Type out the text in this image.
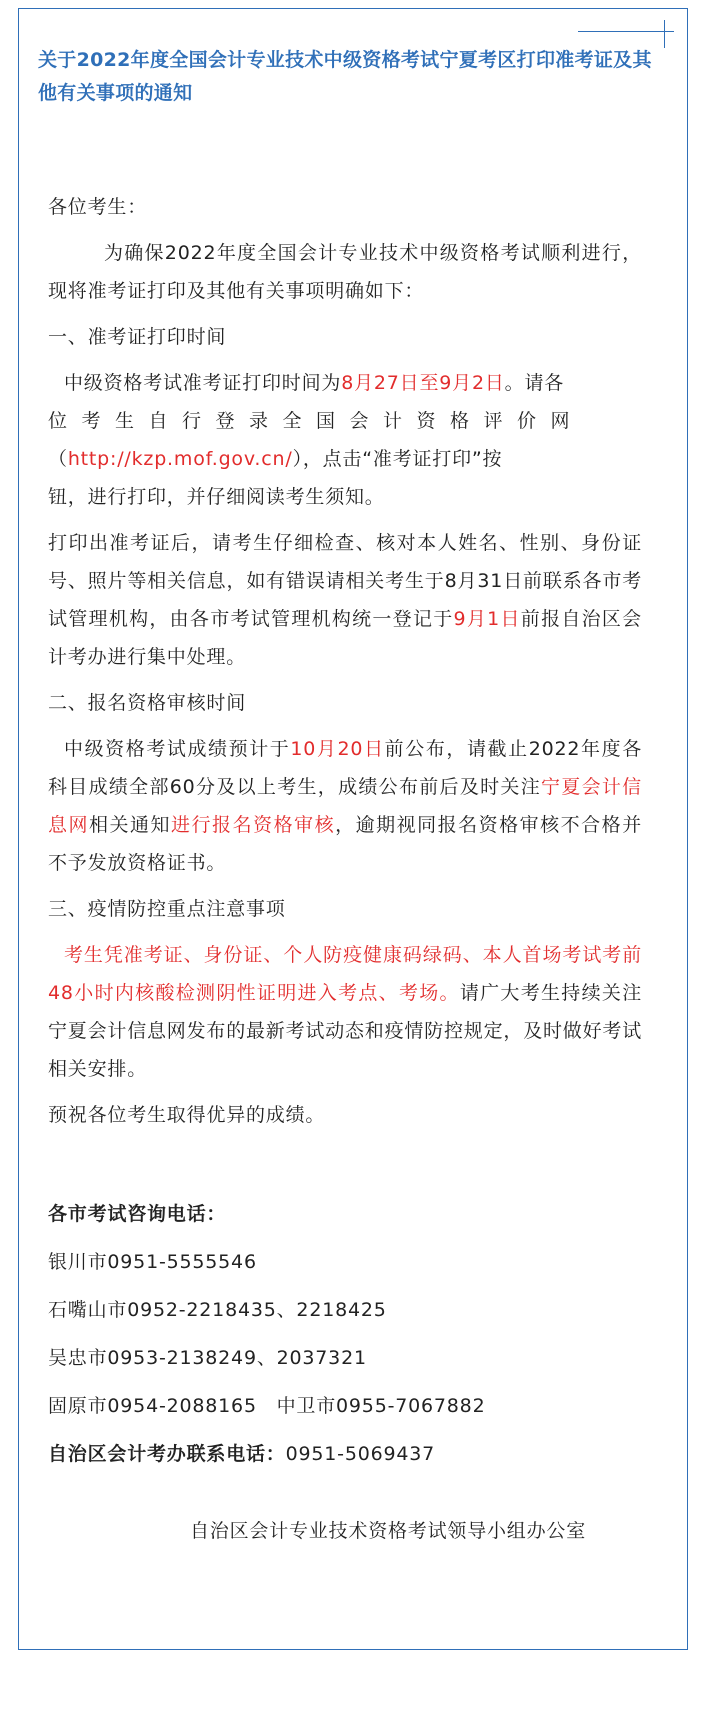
关于2022年度全国会计专业技术中级资格考试宁夏考区打印准考证及其他有关事项的通知

各位考生：

为确保2022年度全国会计专业技术中级资格考试顺利进行，现将准考证打印及其他有关事项明确如下：

一、准考证打印时间

中级资格考试准考证打印时间为8月27日至9月2日。请各
位考生自行登录全国会计资格评价网
（http://kzp.mof.gov.cn/），点击“准考证打印”按
钮，进行打印，并仔细阅读考生须知。

打印出准考证后，请考生仔细检查、核对本人姓名、性别、身份证号、照片等相关信息，如有错误请相关考生于8月31日前联系各市考试管理机构，由各市考试管理机构统一登记于9月1日前报自治区会计考办进行集中处理。

二、报名资格审核时间

中级资格考试成绩预计于10月20日前公布，请截止2022年度各科目成绩全部60分及以上考生，成绩公布前后及时关注宁夏会计信息网相关通知进行报名资格审核，逾期视同报名资格审核不合格并不予发放资格证书。

三、疫情防控重点注意事项

考生凭准考证、身份证、个人防疫健康码绿码、本人首场考试考前48小时内核酸检测阴性证明进入考点、考场。请广大考生持续关注宁夏会计信息网发布的最新考试动态和疫情防控规定，及时做好考试相关安排。

预祝各位考生取得优异的成绩。

各市考试咨询电话：

银川市0951-5555546

石嘴山市0952-2218435、2218425

吴忠市0953-2138249、2037321

固原市0954-2088165　中卫市0955-7067882

自治区会计考办联系电话：0951-5069437

自治区会计专业技术资格考试领导小组办公室
